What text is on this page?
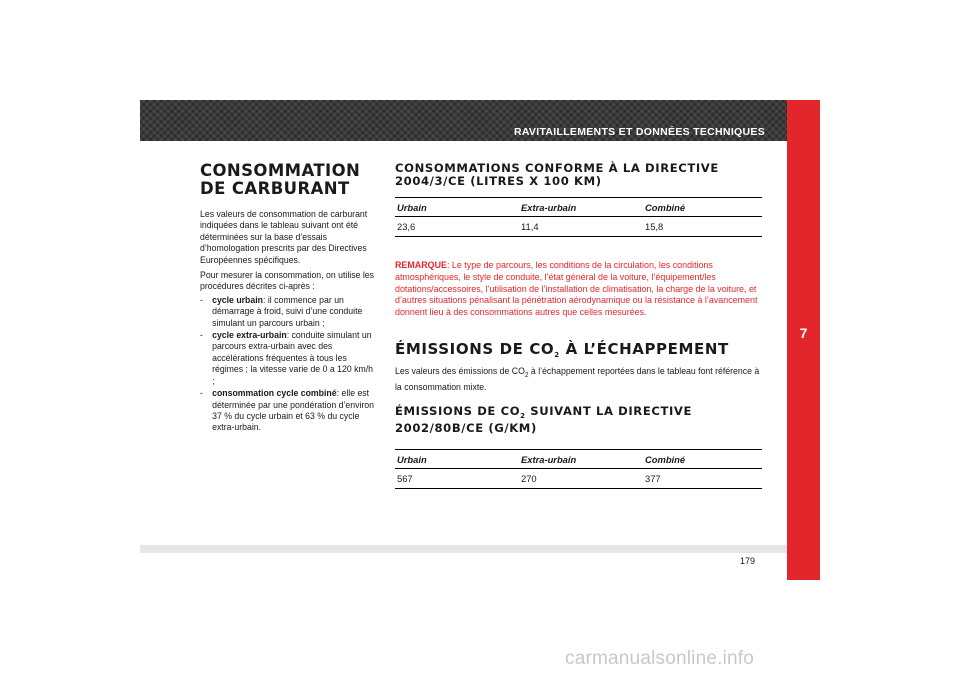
RAVITAILLEMENTS ET DONNÉES TECHNIQUES
7
179
CONSOMMATION
DE CARBURANT

Les valeurs de consommation de carburant indiquées dans le tableau suivant ont été déterminées sur la base d’essais d’homologation prescrits par des Directives Européennes spécifiques.

Pour mesurer la consommation, on utilise les procédures décrites ci-après :

- cycle urbain: il commence par un démarrage à froid, suivi d’une conduite simulant un parcours urbain ;
- cycle extra-urbain: conduite simulant un parcours extra-urbain avec des accélérations fréquentes à tous les régimes ; la vitesse varie de 0 a 120 km/h ;
- consommation cycle combiné: elle est déterminée par une pondération d’environ 37 % du cycle urbain et 63 % du cycle extra-urbain.
CONSOMMATIONS CONFORME À LA DIRECTIVE
2004/3/CE (LITRES X 100 KM)
Urbain	Extra-urbain	Combiné
23,6	11,4	15,8
REMARQUE: Le type de parcours, les conditions de la circulation, les conditions atmosphériques, le style de conduite, l’état général de la voiture, l’équipement/les dotations/accessoires, l’utilisation de l’installation de climatisation, la charge de la voiture, et d’autres situations pénalisant la pénétration aérodynamique ou la résistance à l’avancement donnent lieu à des consommations autres que celles mesurées.
ÉMISSIONS DE $CO_2$ À L’ÉCHAPPEMENT

Les valeurs des émissions de $CO_2$ à l’échappement reportées dans le tableau font référence à la consommation mixte.

ÉMISSIONS DE $CO_2$ SUIVANT LA DIRECTIVE
2002/80B/CE (G/KM)
Urbain	Extra-urbain	Combiné
567	270	377
carmanualsonline.info
